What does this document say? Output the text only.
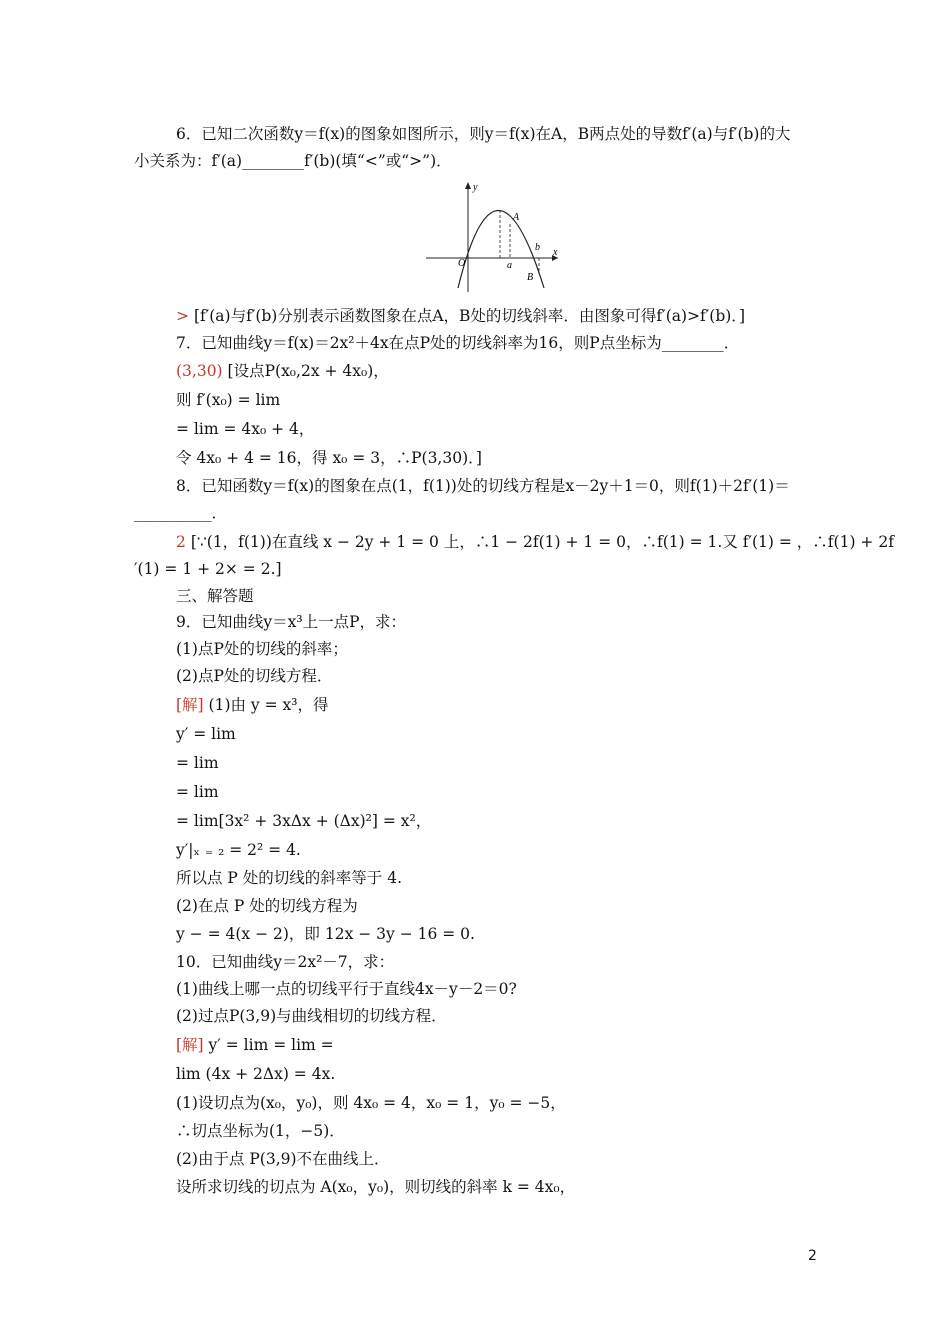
6．已知二次函数y＝f(x)的图象如图所示，则y＝f(x)在A，B两点处的导数f′(a)与f′(b)的大
小关系为：f′(a)________f′(b)(填“<”或“>”)．
> [f′(a)与f′(b)分别表示函数图象在点A，B处的切线斜率．由图象可得f′(a)>f′(b)．]
7．已知曲线y＝f(x)＝2x²＋4x在点P处的切线斜率为16，则P点坐标为________．
(3,30) [设点P(x₀,2x + 4x₀)，
则 f′(x₀) = lim
= lim = 4x₀ + 4，
令 4x₀ + 4 = 16，得 x₀ = 3，∴P(3,30)．]
8．已知函数y＝f(x)的图象在点(1，f(1))处的切线方程是x－2y＋1＝0，则f(1)＋2f′(1)＝
__________．
2 [∵(1，f(1))在直线 x − 2y + 1 = 0 上，∴1 − 2f(1) + 1 = 0，∴f(1) = 1.又 f′(1) = ，∴f(1) + 2f
′(1) = 1 + 2× = 2.]
三、解答题
9．已知曲线y＝x³上一点P，求：
(1)点P处的切线的斜率；
(2)点P处的切线方程．
[解] (1)由 y = x³，得
y′ = lim
= lim
= lim
= lim[3x² + 3xΔx + (Δx)²] = x²，
y′|ₓ ₌ ₂ = 2² = 4.
所以点 P 处的切线的斜率等于 4.
(2)在点 P 处的切线方程为
y − = 4(x − 2)，即 12x − 3y − 16 = 0.
10．已知曲线y＝2x²－7，求：
(1)曲线上哪一点的切线平行于直线4x－y－2＝0?
(2)过点P(3,9)与曲线相切的切线方程．
[解] y′ = lim = lim =
lim (4x + 2Δx) = 4x.
(1)设切点为(x₀，y₀)，则 4x₀ = 4，x₀ = 1，y₀ = −5，
∴切点坐标为(1，−5)．
(2)由于点 P(3,9)不在曲线上．
设所求切线的切点为 A(x₀，y₀)，则切线的斜率 k = 4x₀，
y
x
O
A
a
b
B
2
